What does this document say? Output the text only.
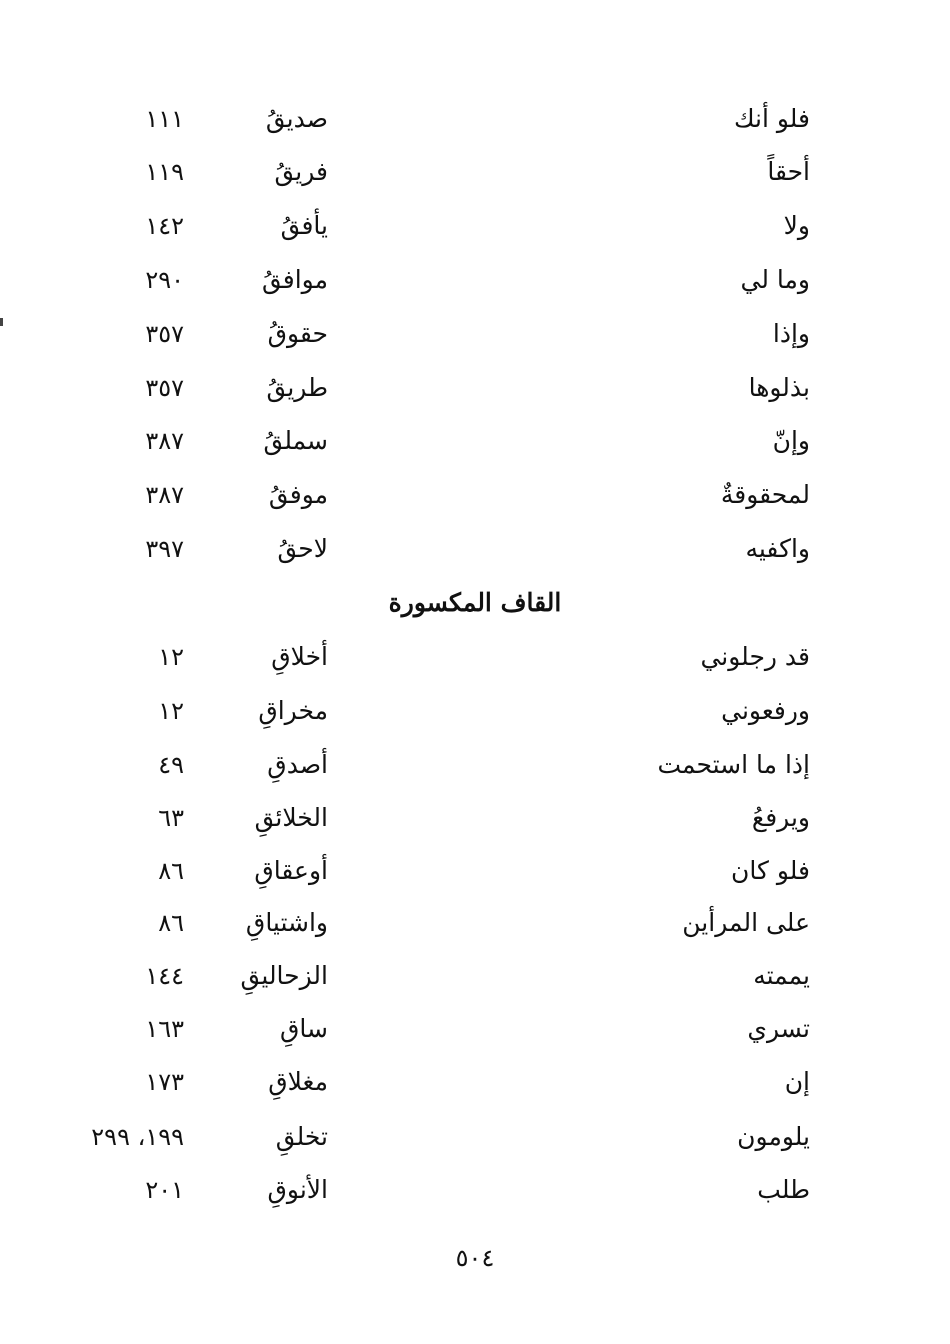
فلو أنك
صديقُ
١١١
أحقاً
فريقُ
١١٩
ولا
يأفقُ
١٤٢
وما لي
موافقُ
٢٩٠
وإذا
حقوقُ
٣٥٧
بذلوها
طريقُ
٣٥٧
وإنّ
سملقُ
٣٨٧
لمحقوقةٌ
موفقُ
٣٨٧
واكفيه
لاحقُ
٣٩٧
القاف المكسورة
قد رجلوني
أخلاقِ
١٢
ورفعوني
مخراقِ
١٢
إذا ما استحمت
أصدقِ
٤٩
ويرفعُ
الخلائقِ
٦٣
فلو كان
أوعقاقِ
٨٦
على المرأين
واشتياقِ
٨٦
يممته
الزحاليقِ
١٤٤
تسري
ساقِ
١٦٣
إن
مغلاقِ
١٧٣
يلومون
تخلقِ
١٩٩، ٢٩٩
طلب
الأنوقِ
٢٠١
٥٠٤
